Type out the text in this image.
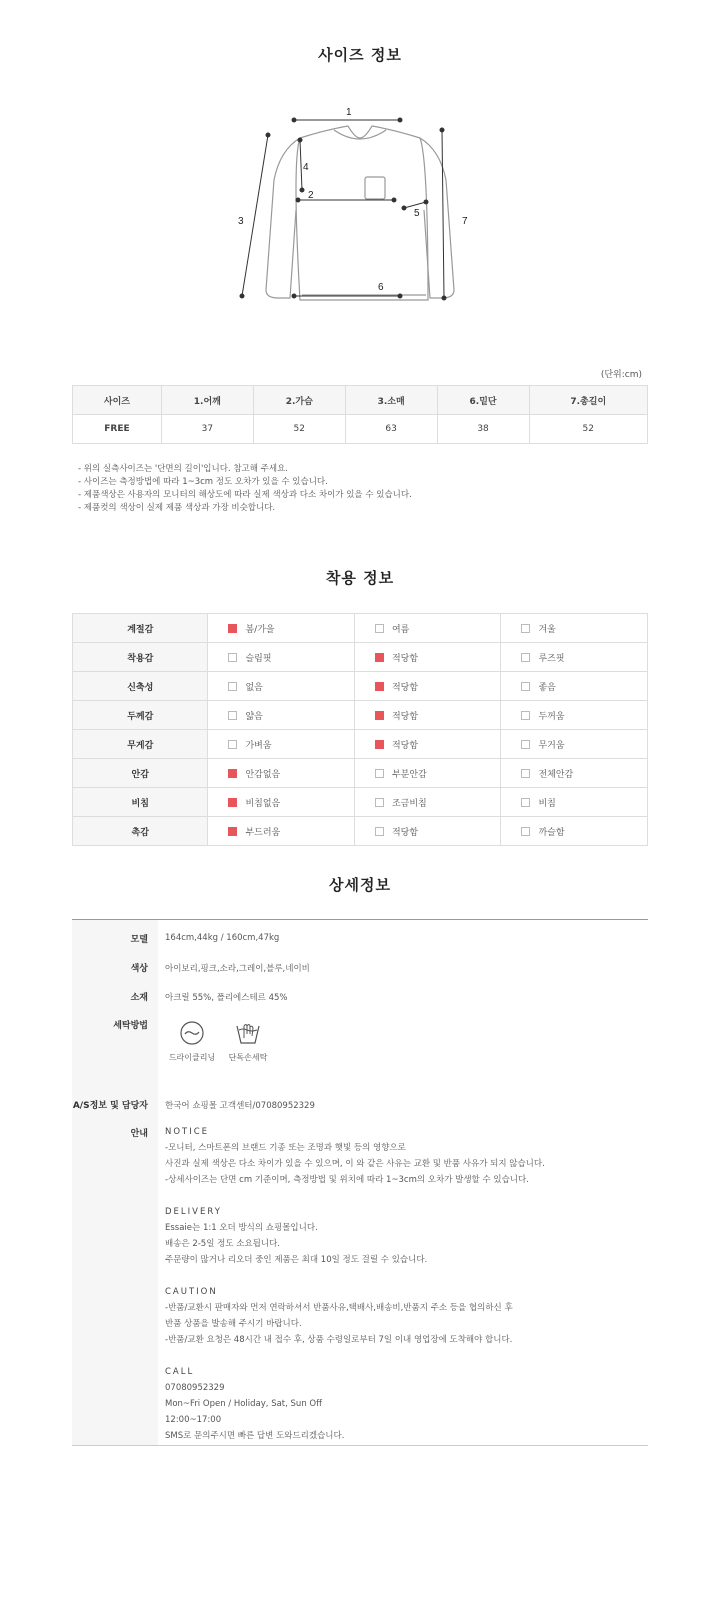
사이즈 정보
1
2
3
4
5
6
7
(단위:cm)
사이즈	1.어깨	2.가슴	3.소매	6.밑단	7.총길이
FREE	37	52	63	38	52
- 위의 실측사이즈는 '단면의 길이'입니다. 참고해 주세요.
- 사이즈는 측정방법에 따라 1~3cm 정도 오차가 있을 수 있습니다.
- 제품색상은 사용자의 모니터의 해상도에 따라 실제 색상과 다소 차이가 있을 수 있습니다.
- 제품컷의 색상이 실제 제품 색상과 가장 비슷합니다.
착용 정보
계절감	봄/가을	여름	겨울
착용감	슬림핏	적당함	루즈핏
신축성	없음	적당함	좋음
두께감	얇음	적당함	두꺼움
무게감	가벼움	적당함	무거움
안감	안감없음	부분안감	전체안감
비침	비침없음	조금비침	비침
촉감	부드러움	적당함	까슬함
상세정보
모델 164cm,44kg / 160cm,47kg
색상 아이보리,핑크,소라,그레이,블루,네이비
소재 아크릴 55%, 폴리에스테르 45%
세탁방법
드라이클리닝	단독손세탁
A/S정보 및 담당자 한국어 쇼핑몰 고객센터/07080952329
안내 NOTICE
-모니터, 스마트폰의 브랜드 기종 또는 조명과 햇빛 등의 영향으로
사진과 실제 색상은 다소 차이가 있을 수 있으며, 이 와 같은 사유는 교환 및 반품 사유가 되지 않습니다.
-상세사이즈는 단면 cm 기준이며, 측정방법 및 위치에 따라 1~3cm의 오차가 발생할 수 있습니다.
DELIVERY
Essaie는 1:1 오더 방식의 쇼핑몰입니다.
배송은 2-5일 정도 소요됩니다.
주문량이 많거나 리오더 중인 제품은 최대 10일 정도 걸릴 수 있습니다.
CAUTION
-반품/교환시 판매자와 먼저 연락하셔서 반품사유,택배사,배송비,반품지 주소 등을 협의하신 후
반품 상품을 발송해 주시기 바랍니다.
-반품/교환 요청은 48시간 내 접수 후, 상품 수령일로부터 7일 이내 영업장에 도착해야 합니다.
CALL
07080952329
Mon~Fri Open / Holiday, Sat, Sun Off
12:00~17:00
SMS로 문의주시면 빠른 답변 도와드리겠습니다.
